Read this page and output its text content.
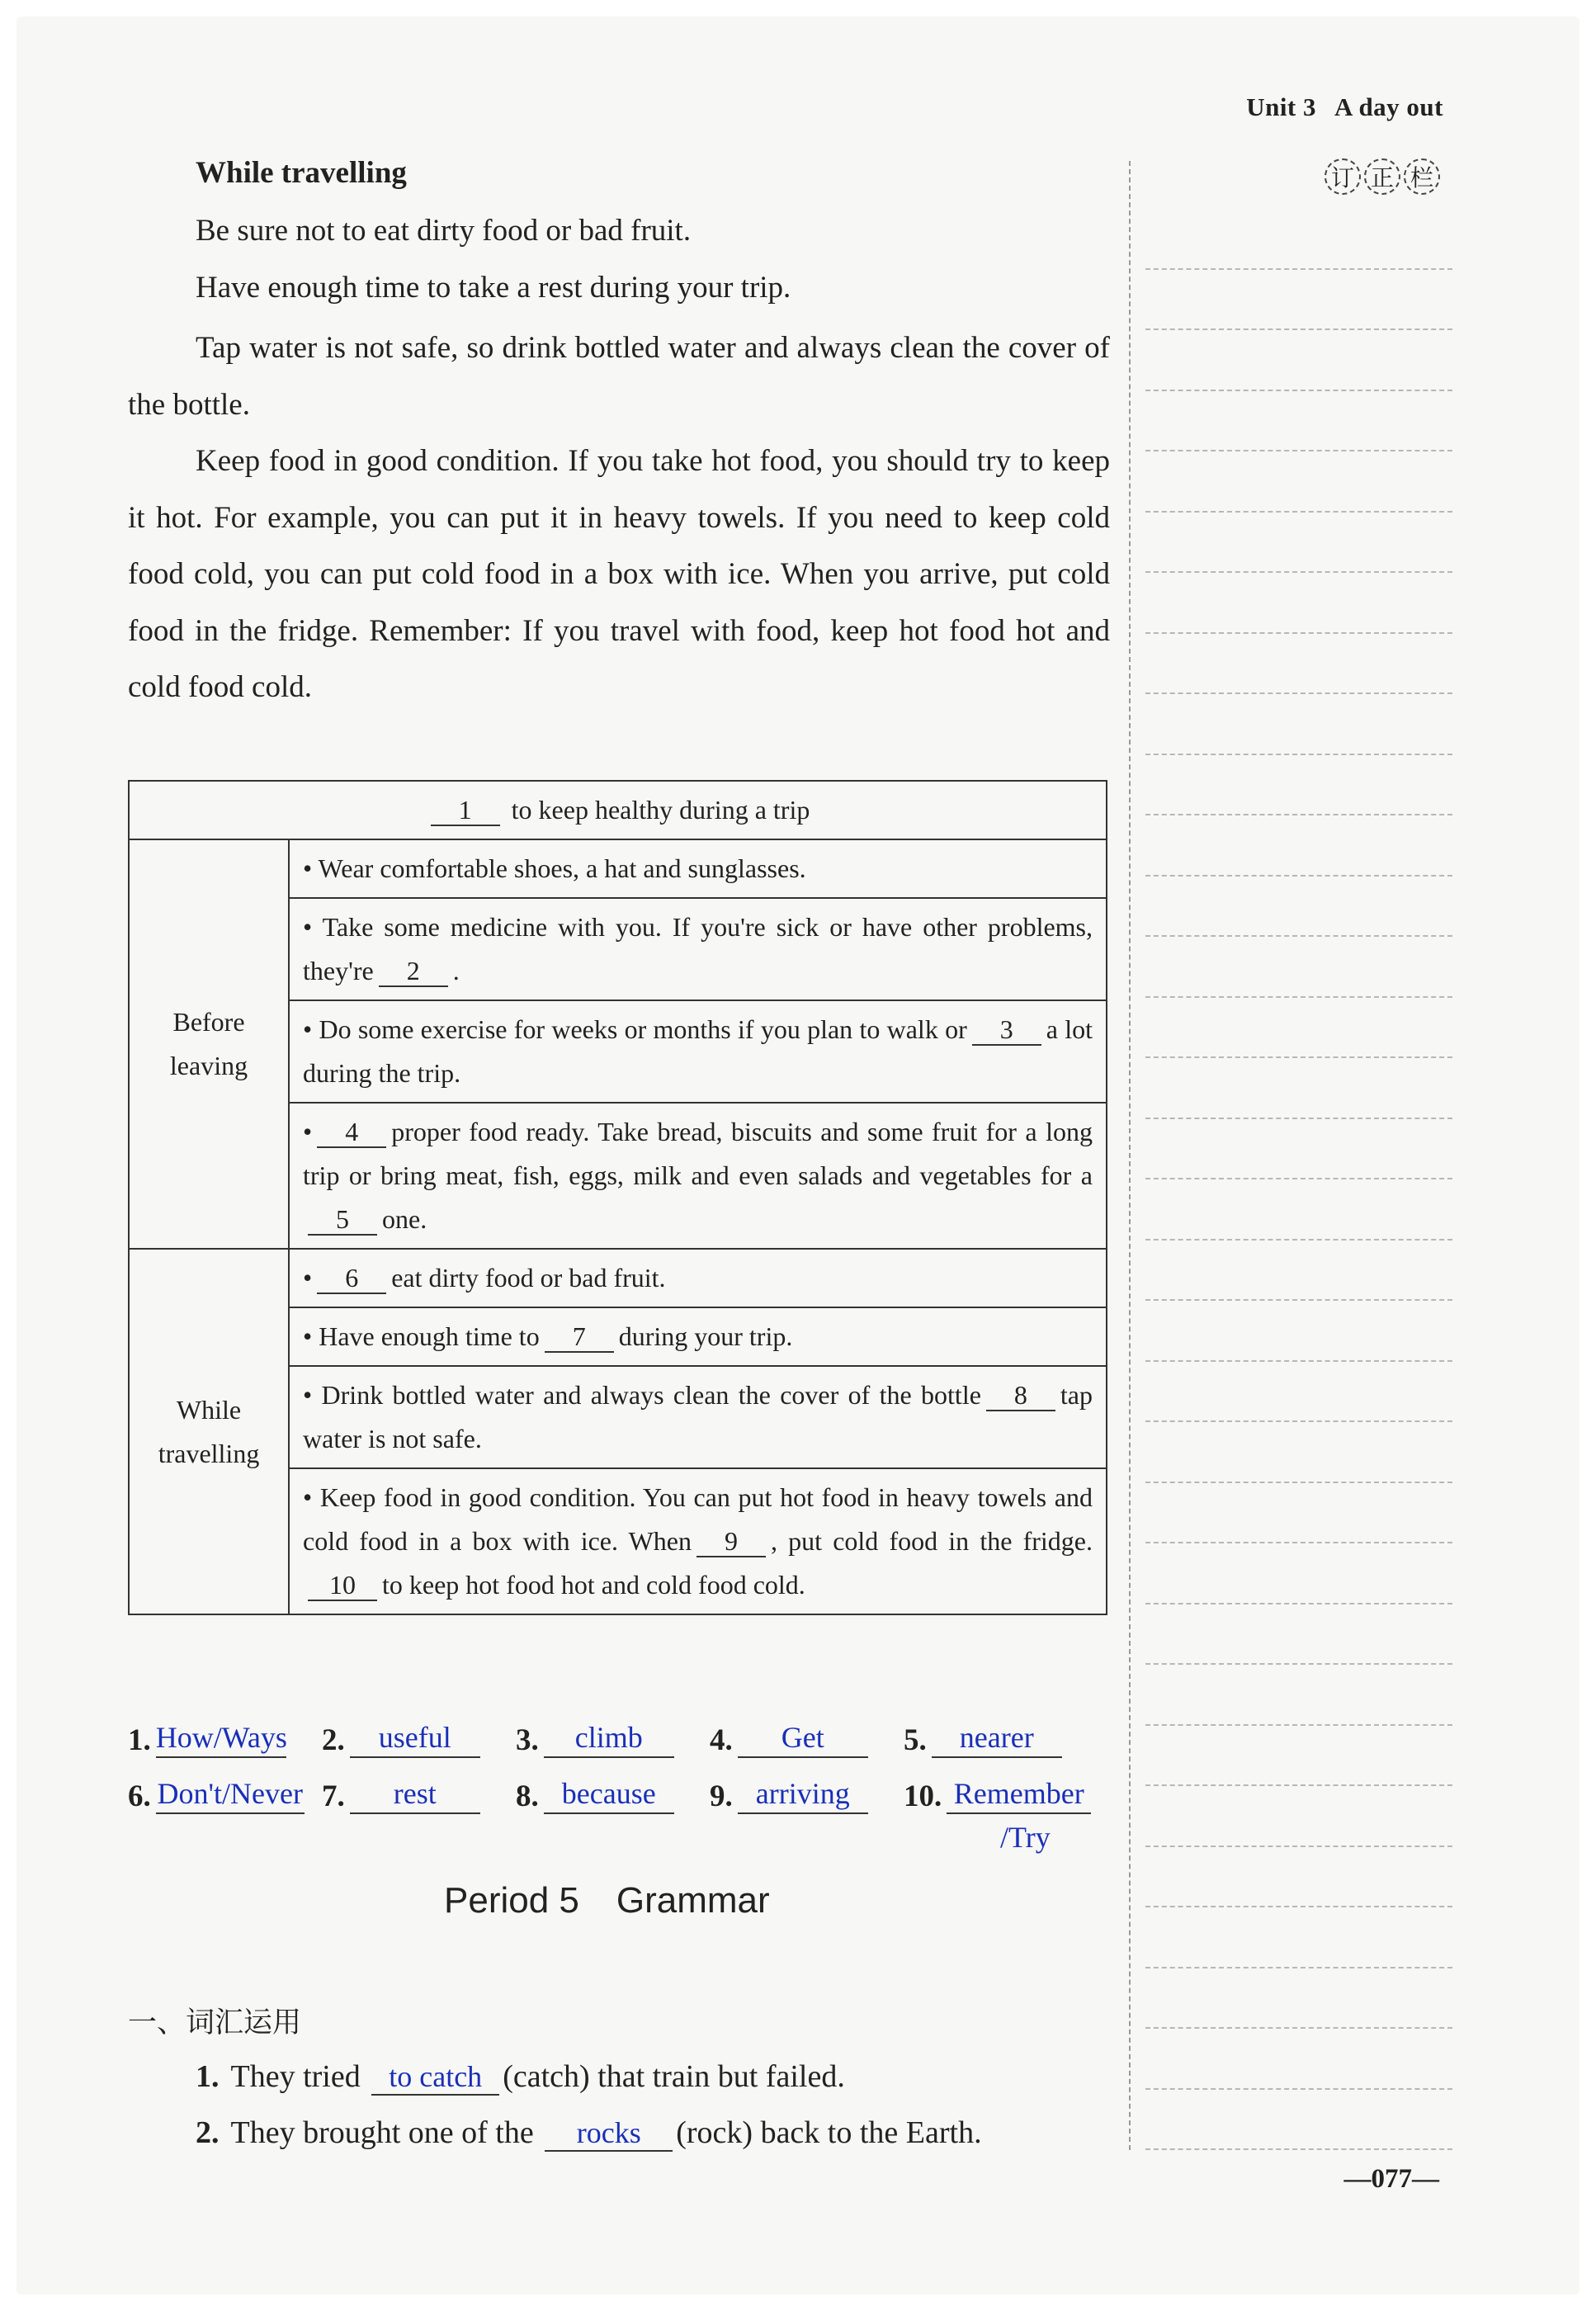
Unit 3 A day out
订 正 栏
While travelling
Be sure not to eat dirty food or bad fruit.
Have enough time to take a rest during your trip.
Tap water is not safe, so drink bottled water and always clean the cover of the bottle.
Keep food in good condition. If you take hot food, you should try to keep it hot. For example, you can put it in heavy towels. If you need to keep cold food cold, you can put cold food in a box with ice. When you arrive, put cold food in the fridge. Remember: If you travel with food, keep hot food hot and cold food cold.
1 to keep healthy during a trip	
Before leaving	• Wear comfortable shoes, a hat and sunglasses.
	• Take some medicine with you. If you're sick or have other problems, they're 2 .
	• Do some exercise for weeks or months if you plan to walk or 3 a lot during the trip.
	• 4 proper food ready. Take bread, biscuits and some fruit for a long trip or bring meat, fish, eggs, milk and even salads and vegetables for a5 one.
While travelling	• 6 eat dirty food or bad fruit.
	• Have enough time to 7 during your trip.
	• Drink bottled water and always clean the cover of the bottle 8 tap water is not safe.
	• Keep food in good condition. You can put hot food in heavy towels and cold food in a box with ice. When 9 , put cold food in the fridge.10 to keep hot food hot and cold food cold.
1. How/Ways 2.	useful	3.	climb	4.	Get	5.	nearer
6. Don't/Never 7.	rest	8. because	9. arriving	10. Remember
/Try
Period 5 Grammar
一、词汇运用
1. They tried to catch (catch) that train but failed.
2. They brought one of the rocks (rock) back to the Earth.
—077—
